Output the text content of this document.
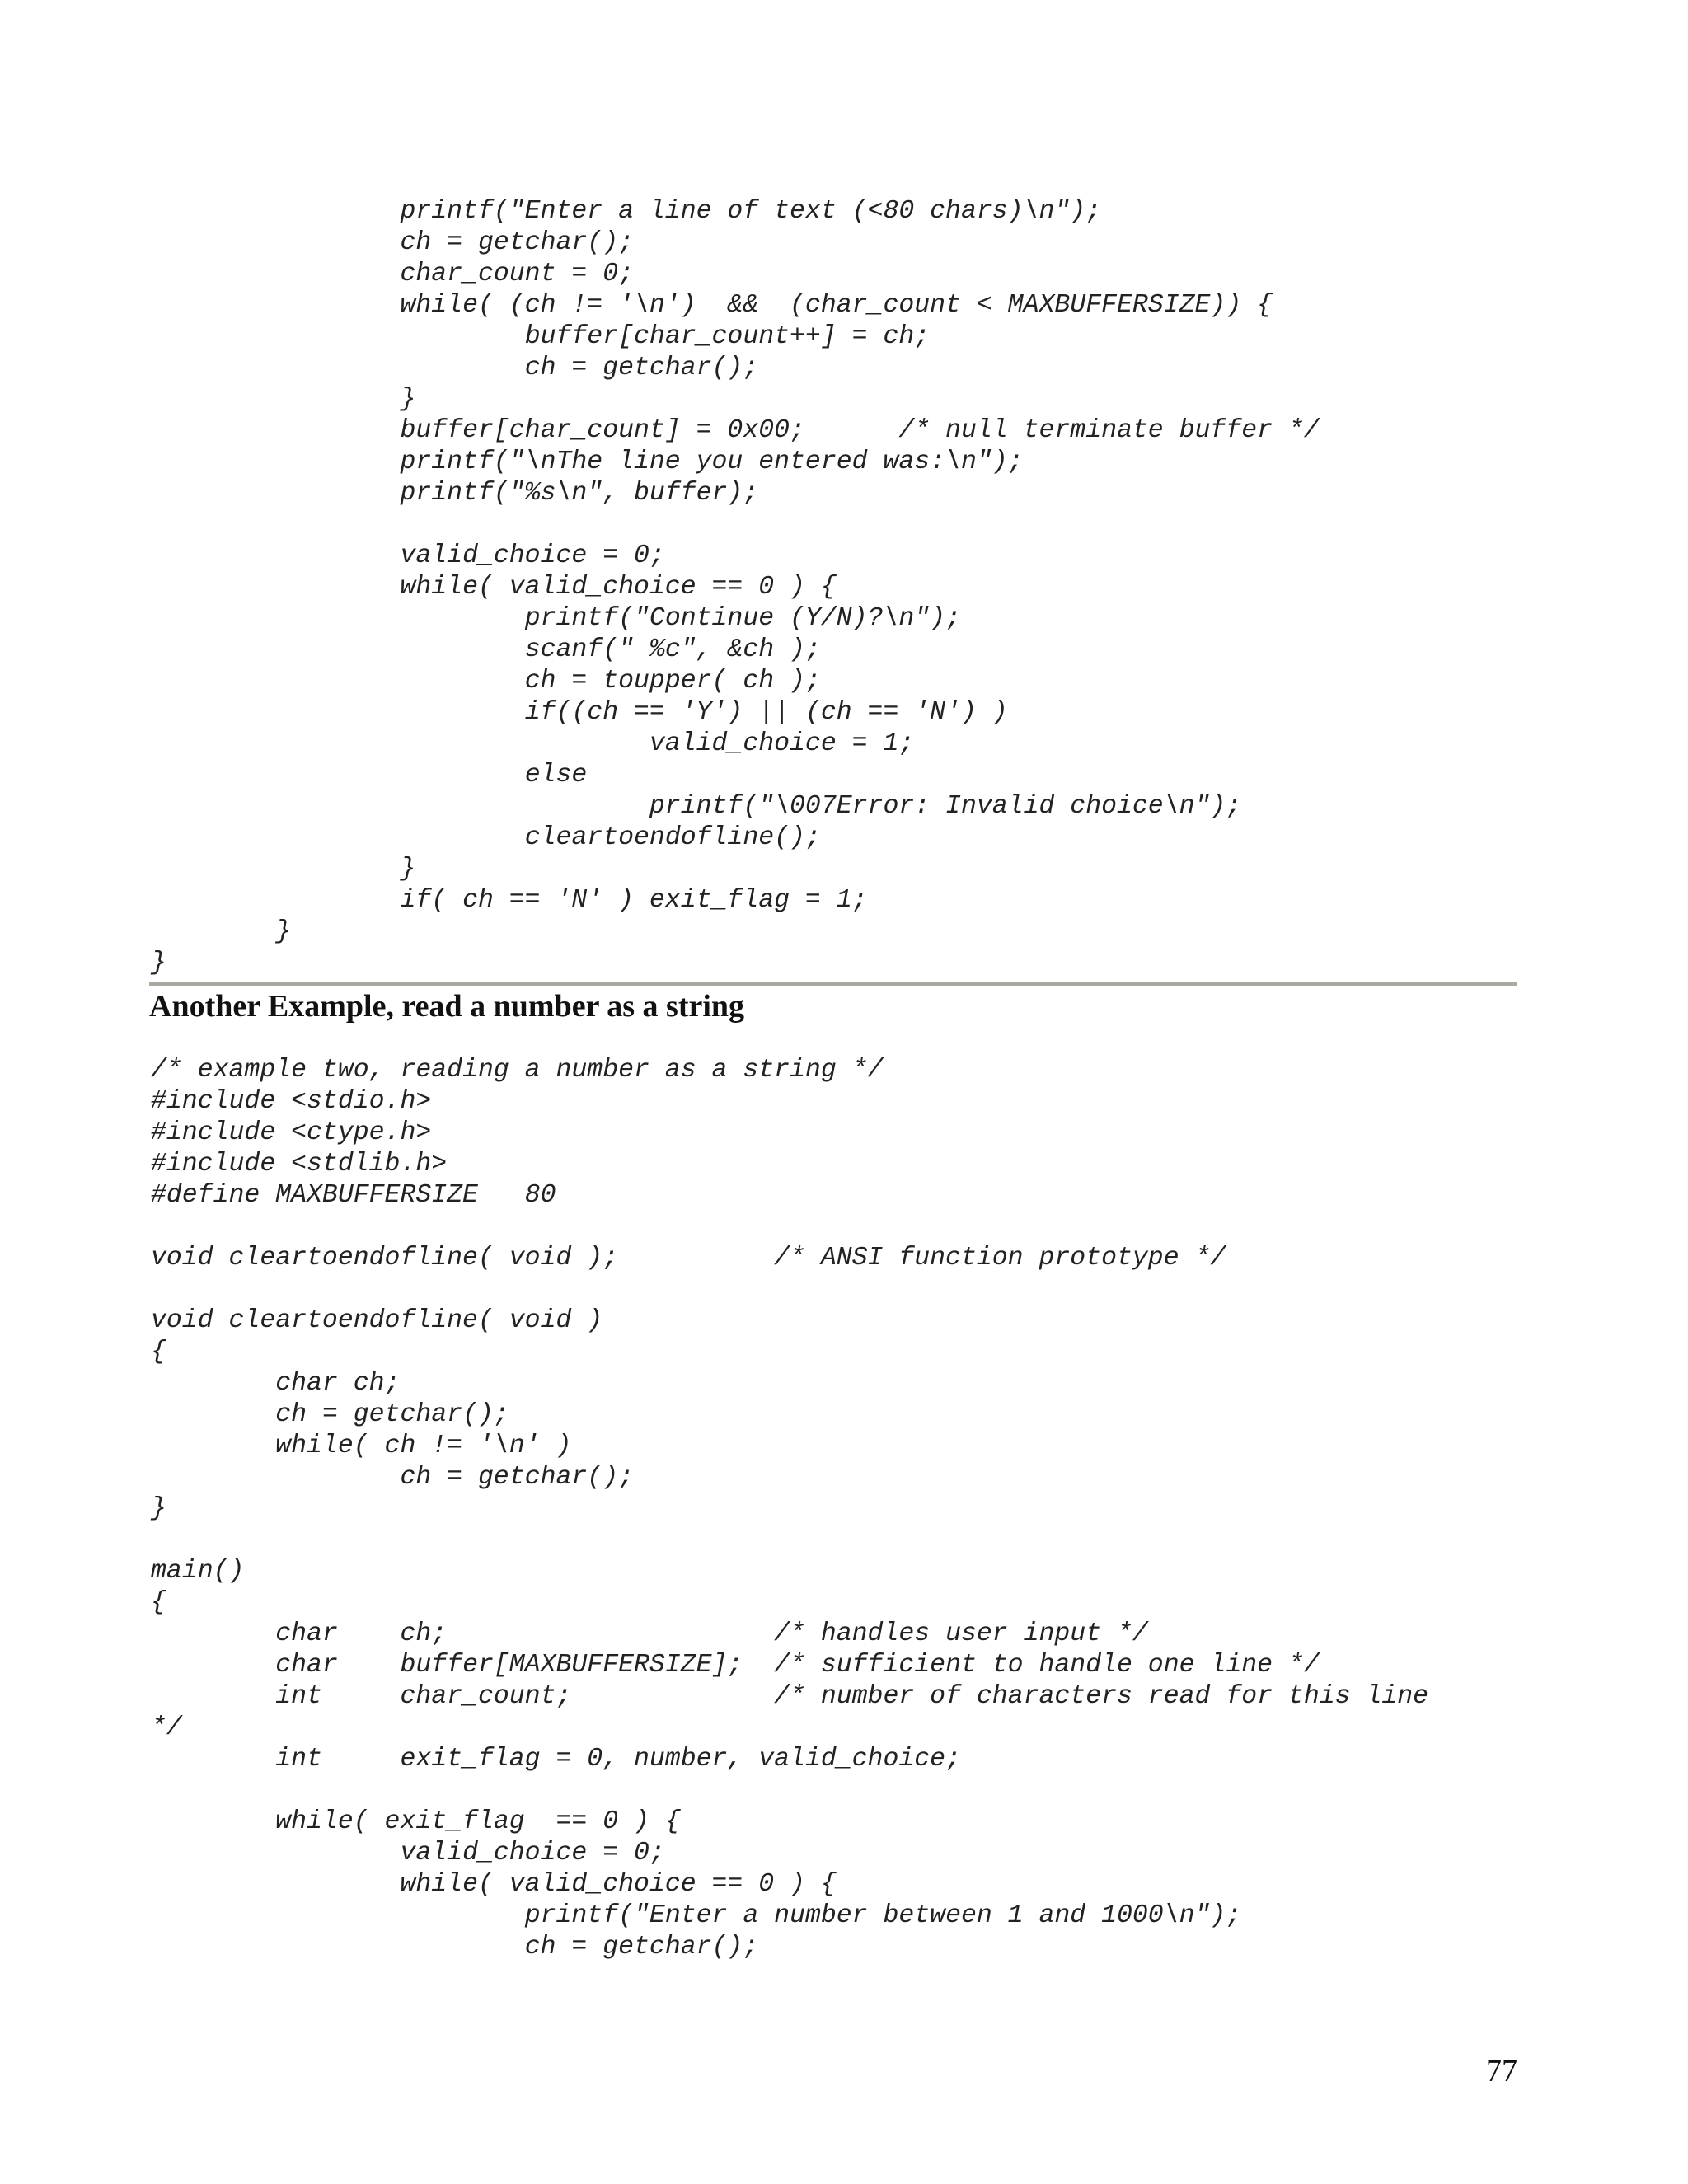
		printf("Enter a line of text (<80 chars)\n");
		ch = getchar();
		char_count = 0;
		while( (ch != '\n')  &&  (char_count < MAXBUFFERSIZE)) {
			buffer[char_count++] = ch;
			ch = getchar();
		}
		buffer[char_count] = 0x00;      /* null terminate buffer */
		printf("\nThe line you entered was:\n");
		printf("%s\n", buffer);

		valid_choice = 0;
		while( valid_choice == 0 ) {
			printf("Continue (Y/N)?\n");
			scanf(" %c", &ch );
			ch = toupper( ch );
			if((ch == 'Y') || (ch == 'N') )
				valid_choice = 1;
			else
				printf("\007Error: Invalid choice\n");
			cleartoendofline();
		}
		if( ch == 'N' ) exit_flag = 1;
	}
}
Another Example, read a number as a string
/* example two, reading a number as a string */
#include <stdio.h>
#include <ctype.h>
#include <stdlib.h>
#define MAXBUFFERSIZE   80

void cleartoendofline( void );          /* ANSI function prototype */

void cleartoendofline( void )
{
	char ch;
	ch = getchar();
	while( ch != '\n' )
		ch = getchar();
}

main()
{
	char    ch;                     /* handles user input */
	char    buffer[MAXBUFFERSIZE];  /* sufficient to handle one line */
	int     char_count;             /* number of characters read for this line
*/
	int     exit_flag = 0, number, valid_choice;

	while( exit_flag  == 0 ) {
		valid_choice = 0;
		while( valid_choice == 0 ) {
			printf("Enter a number between 1 and 1000\n");
			ch = getchar();
77
